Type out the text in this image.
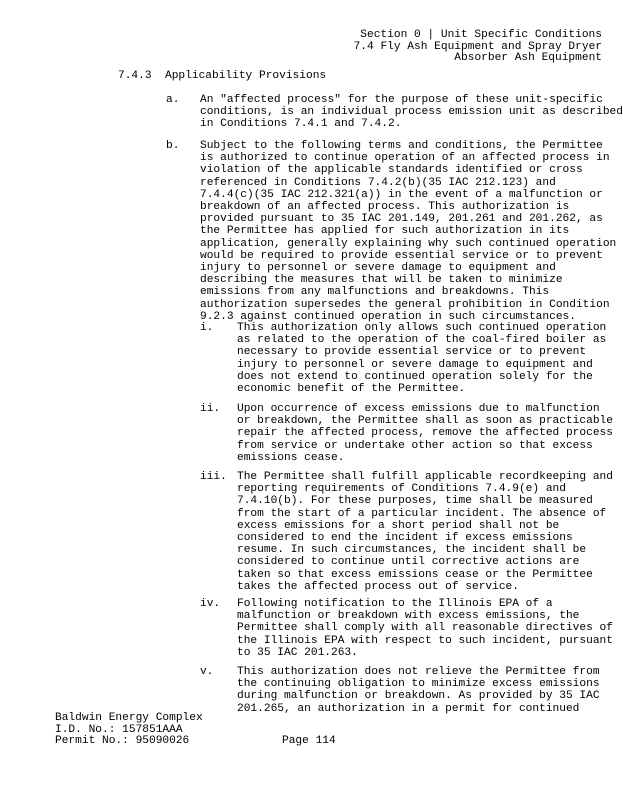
Section 0 | Unit Specific Conditions
7.4 Fly Ash Equipment and Spray Dryer
Absorber Ash Equipment
7.4.3  Applicability Provisions
a. An "affected process" for the purpose of these unit-specific
conditions, is an individual process emission unit as described
in Conditions 7.4.1 and 7.4.2.
b. Subject to the following terms and conditions, the Permittee
is authorized to continue operation of an affected process in
violation of the applicable standards identified or cross
referenced in Conditions 7.4.2(b)(35 IAC 212.123) and
7.4.4(c)(35 IAC 212.321(a)) in the event of a malfunction or
breakdown of an affected process. This authorization is
provided pursuant to 35 IAC 201.149, 201.261 and 201.262, as
the Permittee has applied for such authorization in its
application, generally explaining why such continued operation
would be required to provide essential service or to prevent
injury to personnel or severe damage to equipment and
describing the measures that will be taken to minimize
emissions from any malfunctions and breakdowns. This
authorization supersedes the general prohibition in Condition
9.2.3 against continued operation in such circumstances.
i. This authorization only allows such continued operation
as related to the operation of the coal-fired boiler as
necessary to provide essential service or to prevent
injury to personnel or severe damage to equipment and
does not extend to continued operation solely for the
economic benefit of the Permittee.
ii. Upon occurrence of excess emissions due to malfunction
or breakdown, the Permittee shall as soon as practicable
repair the affected process, remove the affected process
from service or undertake other action so that excess
emissions cease.
iii. The Permittee shall fulfill applicable recordkeeping and
reporting requirements of Conditions 7.4.9(e) and
7.4.10(b). For these purposes, time shall be measured
from the start of a particular incident. The absence of
excess emissions for a short period shall not be
considered to end the incident if excess emissions
resume. In such circumstances, the incident shall be
considered to continue until corrective actions are
taken so that excess emissions cease or the Permittee
takes the affected process out of service.
iv. Following notification to the Illinois EPA of a
malfunction or breakdown with excess emissions, the
Permittee shall comply with all reasonable directives of
the Illinois EPA with respect to such incident, pursuant
to 35 IAC 201.263.
v. This authorization does not relieve the Permittee from
the continuing obligation to minimize excess emissions
during malfunction or breakdown. As provided by 35 IAC
201.265, an authorization in a permit for continued
Baldwin Energy Complex
I.D. No.: 157851AAA
Permit No.: 95090026	Page 114
